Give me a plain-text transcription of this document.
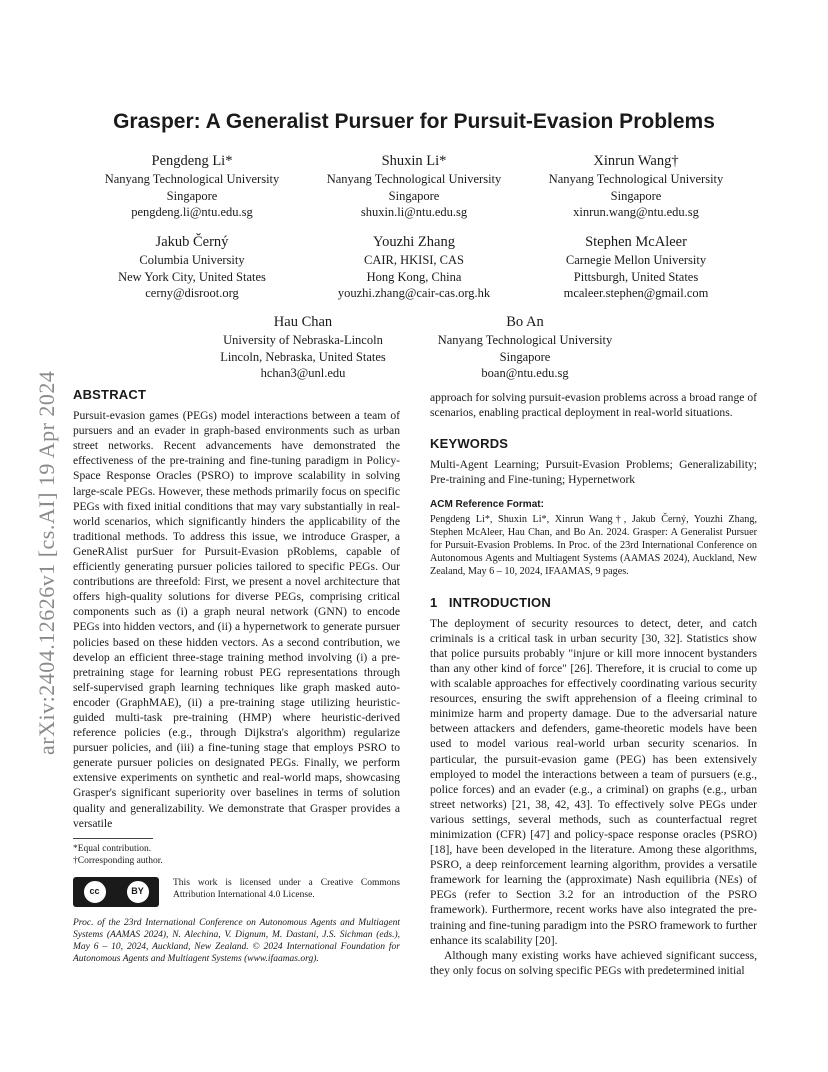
arXiv:2404.12626v1 [cs.AI] 19 Apr 2024
Grasper: A Generalist Pursuer for Pursuit-Evasion Problems
Pengdeng Li*
Nanyang Technological University
Singapore
pengdeng.li@ntu.edu.sg
Shuxin Li*
Nanyang Technological University
Singapore
shuxin.li@ntu.edu.sg
Xinrun Wang†
Nanyang Technological University
Singapore
xinrun.wang@ntu.edu.sg
Jakub Černý
Columbia University
New York City, United States
cerny@disroot.org
Youzhi Zhang
CAIR, HKISI, CAS
Hong Kong, China
youzhi.zhang@cair-cas.org.hk
Stephen McAleer
Carnegie Mellon University
Pittsburgh, United States
mcaleer.stephen@gmail.com
Hau Chan
University of Nebraska-Lincoln
Lincoln, Nebraska, United States
hchan3@unl.edu
Bo An
Nanyang Technological University
Singapore
boan@ntu.edu.sg
ABSTRACT

Pursuit-evasion games (PEGs) model interactions between a team of pursuers and an evader in graph-based environments such as urban street networks. Recent advancements have demonstrated the effectiveness of the pre-training and fine-tuning paradigm in Policy-Space Response Oracles (PSRO) to improve scalability in solving large-scale PEGs. However, these methods primarily focus on specific PEGs with fixed initial conditions that may vary substantially in real-world scenarios, which significantly hinders the applicability of the traditional methods. To address this issue, we introduce Grasper, a GeneRAlist purSuer for Pursuit-Evasion pRoblems, capable of efficiently generating pursuer policies tailored to specific PEGs. Our contributions are threefold: First, we present a novel architecture that offers high-quality solutions for diverse PEGs, comprising critical components such as (i) a graph neural network (GNN) to encode PEGs into hidden vectors, and (ii) a hypernetwork to generate pursuer policies based on these hidden vectors. As a second contribution, we develop an efficient three-stage training method involving (i) a pre-pretraining stage for learning robust PEG representations through self-supervised graph learning techniques like graph masked auto-encoder (GraphMAE), (ii) a pre-training stage utilizing heuristic-guided multi-task pre-training (HMP) where heuristic-derived reference policies (e.g., through Dijkstra's algorithm) regularize pursuer policies, and (iii) a fine-tuning stage that employs PSRO to generate pursuer policies on designated PEGs. Finally, we perform extensive experiments on synthetic and real-world maps, showcasing Grasper's significant superiority over baselines in terms of solution quality and generalizability. We demonstrate that Grasper provides a versatile

*Equal contribution.
†Corresponding author.
cc	BY
This work is licensed under a Creative Commons Attribution International 4.0 License.
Proc. of the 23rd International Conference on Autonomous Agents and Multiagent Systems (AAMAS 2024), N. Alechina, V. Dignum, M. Dastani, J.S. Sichman (eds.), May 6 – 10, 2024, Auckland, New Zealand. © 2024 International Foundation for Autonomous Agents and Multiagent Systems (www.ifaamas.org).

approach for solving pursuit-evasion problems across a broad range of scenarios, enabling practical deployment in real-world situations.

KEYWORDS

Multi-Agent Learning; Pursuit-Evasion Problems; Generalizability; Pre-training and Fine-tuning; Hypernetwork

ACM Reference Format:

Pengdeng Li*, Shuxin Li*, Xinrun Wang†, Jakub Černý, Youzhi Zhang, Stephen McAleer, Hau Chan, and Bo An. 2024. Grasper: A Generalist Pursuer for Pursuit-Evasion Problems. In Proc. of the 23rd International Conference on Autonomous Agents and Multiagent Systems (AAMAS 2024), Auckland, New Zealand, May 6 – 10, 2024, IFAAMAS, 9 pages.

1   INTRODUCTION

The deployment of security resources to detect, deter, and catch criminals is a critical task in urban security [30, 32]. Statistics show that police pursuits probably "injure or kill more innocent bystanders than any other kind of force" [26]. Therefore, it is crucial to come up with scalable approaches for effectively coordinating various security resources, ensuring the swift apprehension of a fleeing criminal to minimize harm and property damage. Due to the adversarial nature between attackers and defenders, game-theoretic models have been used to model various real-world urban security scenarios. In particular, the pursuit-evasion game (PEG) has been extensively employed to model the interactions between a team of pursuers (e.g., police forces) and an evader (e.g., a criminal) on graphs (e.g., urban street networks) [21, 38, 42, 43]. To effectively solve PEGs under various settings, several methods, such as counterfactual regret minimization (CFR) [47] and policy-space response oracles (PSRO) [18], have been developed in the literature. Among these algorithms, PSRO, a deep reinforcement learning algorithm, provides a versatile framework for learning the (approximate) Nash equilibria (NEs) of PEGs (refer to Section 3.2 for an introduction of the PSRO framework). Furthermore, recent works have also integrated the pre-training and fine-tuning paradigm into the PSRO framework to further enhance its scalability [20].

Although many existing works have achieved significant success, they only focus on solving specific PEGs with predetermined initial
